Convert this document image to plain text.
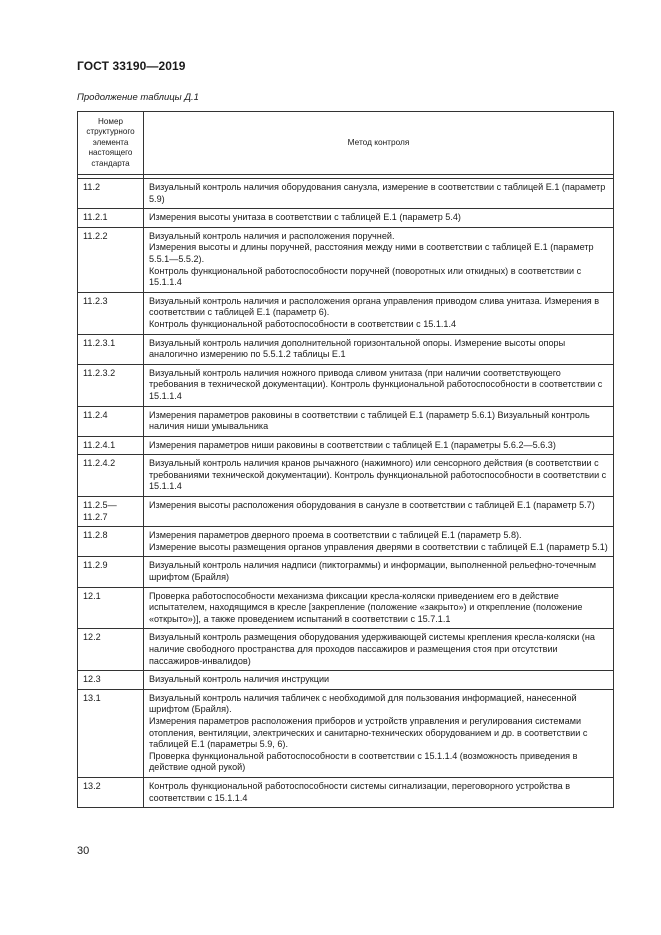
ГОСТ 33190—2019
Продолжение таблицы Д.1
Номер структурного элемента настоящего стандарта	Метод контроля

11.2	Визуальный контроль наличия оборудования санузла, измерение в соответствии с таблицей Е.1 (параметр 5.9)

11.2.1	Измерения высоты унитаза в соответствии с таблицей Е.1 (параметр 5.4)

11.2.2	Визуальный контроль наличия и расположения поручней.
Измерения высоты и длины поручней, расстояния между ними в соответствии с таблицей Е.1 (параметр 5.5.1—5.5.2).
Контроль функциональной работоспособности поручней (поворотных или откидных) в соответствии с 15.1.1.4

11.2.3	Визуальный контроль наличия и расположения органа управления приводом слива унитаза. Измерения в соответствии с таблицей Е.1 (параметр 6).
Контроль функциональной работоспособности в соответствии с 15.1.1.4

11.2.3.1	Визуальный контроль наличия дополнительной горизонтальной опоры. Измерение высоты опоры аналогично измерению по 5.5.1.2 таблицы Е.1

11.2.3.2	Визуальный контроль наличия ножного привода сливом унитаза (при наличии соответствующего требования в технической документации). Контроль функциональной работоспособности в соответствии с 15.1.1.4

11.2.4	Измерения параметров раковины в соответствии с таблицей Е.1 (параметр 5.6.1) Визуальный контроль наличия ниши умывальника

11.2.4.1	Измерения параметров ниши раковины в соответствии с таблицей Е.1 (параметры 5.6.2—5.6.3)

11.2.4.2	Визуальный контроль наличия кранов рычажного (нажимного) или сенсорного действия (в соответствии с требованиями технической документации). Контроль функциональной работоспособности в соответствии с 15.1.1.4

11.2.5—11.2.7	Измерения высоты расположения оборудования в санузле в соответствии с таблицей Е.1 (параметр 5.7)

11.2.8	Измерения параметров дверного проема в соответствии с таблицей Е.1 (параметр 5.8).
Измерение высоты размещения органов управления дверями в соответствии с таблицей Е.1 (параметр 5.1)

11.2.9	Визуальный контроль наличия надписи (пиктограммы) и информации, выполненной рельефно-точечным шрифтом (Брайля)

12.1	Проверка работоспособности механизма фиксации кресла-коляски приведением его в действие испытателем, находящимся в кресле [закрепление (положение «закрыто») и открепление (положение «открыто»)], а также проведением испытаний в соответствии с 15.7.1.1

12.2	Визуальный контроль размещения оборудования удерживающей системы крепления кресла-коляски (на наличие свободного пространства для проходов пассажиров и размещения стоя при отсутствии пассажиров-инвалидов)

12.3	Визуальный контроль наличия инструкции

13.1	Визуальный контроль наличия табличек с необходимой для пользования информацией, нанесенной шрифтом (Брайля).
Измерения параметров расположения приборов и устройств управления и регулирования системами отопления, вентиляции, электрических и санитарно-технических оборудованием и др. в соответствии с таблицей Е.1 (параметры 5.9, 6).
Проверка функциональной работоспособности в соответствии с 15.1.1.4 (возможность приведения в действие одной рукой)

13.2	Контроль функциональной работоспособности системы сигнализации, переговорного устройства в соответствии с 15.1.1.4
30
